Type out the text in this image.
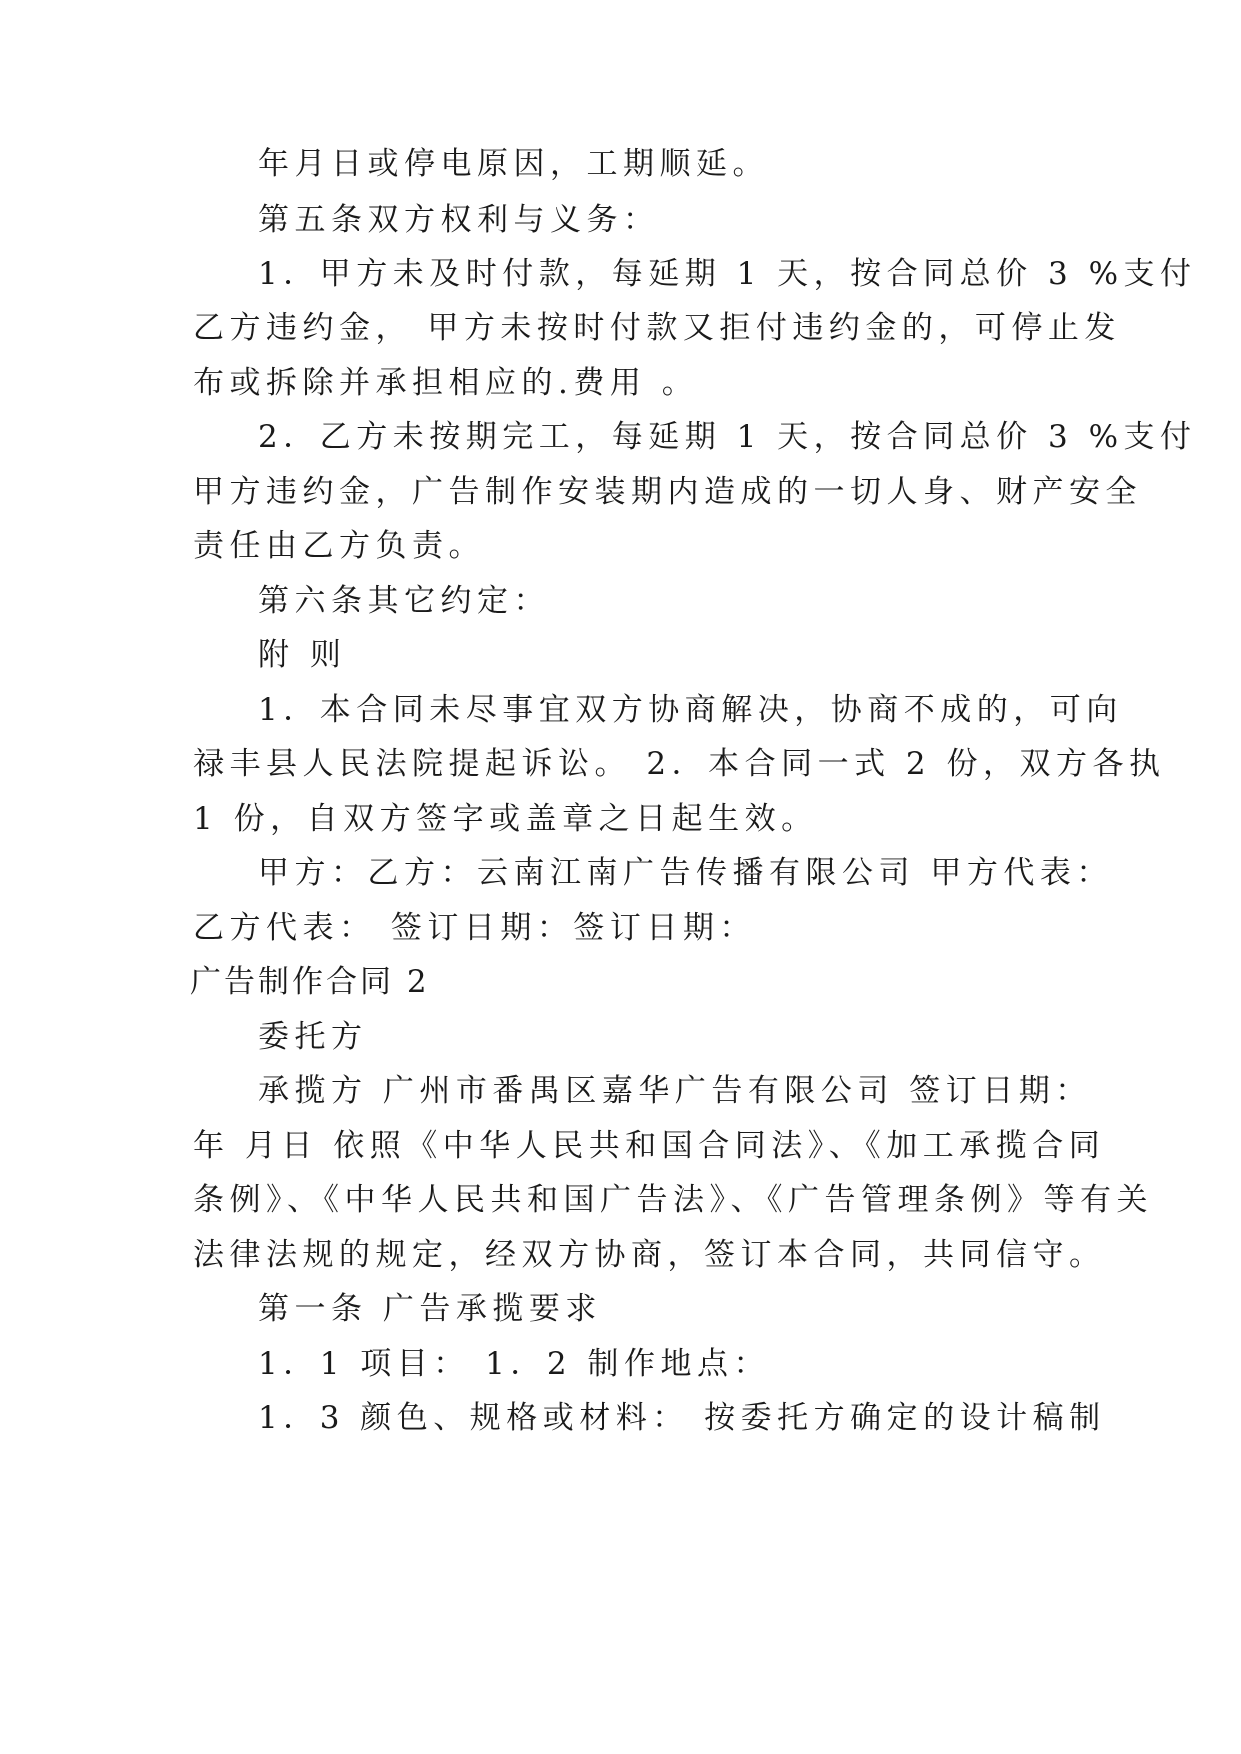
年月日或停电原因，工期顺延。
第五条双方权利与义务：
1．甲方未及时付款，每延期 1 天，按合同总价 3 %支付
乙方违约金， 甲方未按时付款又拒付违约金的，可停止发
布或拆除并承担相应的.费用 。
2．乙方未按期完工，每延期 1 天，按合同总价 3 %支付
甲方违约金，广告制作安装期内造成的一切人身、财产安全
责任由乙方负责。
第六条其它约定：
附 则
1．本合同未尽事宜双方协商解决，协商不成的，可向
禄丰县人民法院提起诉讼。 2．本合同一式 2 份，双方各执
1 份，自双方签字或盖章之日起生效。
甲方：乙方：云南江南广告传播有限公司 甲方代表：
乙方代表： 签订日期：签订日期：
广告制作合同 2
委托方
承揽方 广州市番禺区嘉华广告有限公司 签订日期：
年 月日 依照《中华人民共和国合同法》、《加工承揽合同
条例》、《中华人民共和国广告法》、《广告管理条例》等有关
法律法规的规定，经双方协商，签订本合同，共同信守。
第一条 广告承揽要求
1．1 项目： 1．2 制作地点：
1．3 颜色、规格或材料： 按委托方确定的设计稿制
